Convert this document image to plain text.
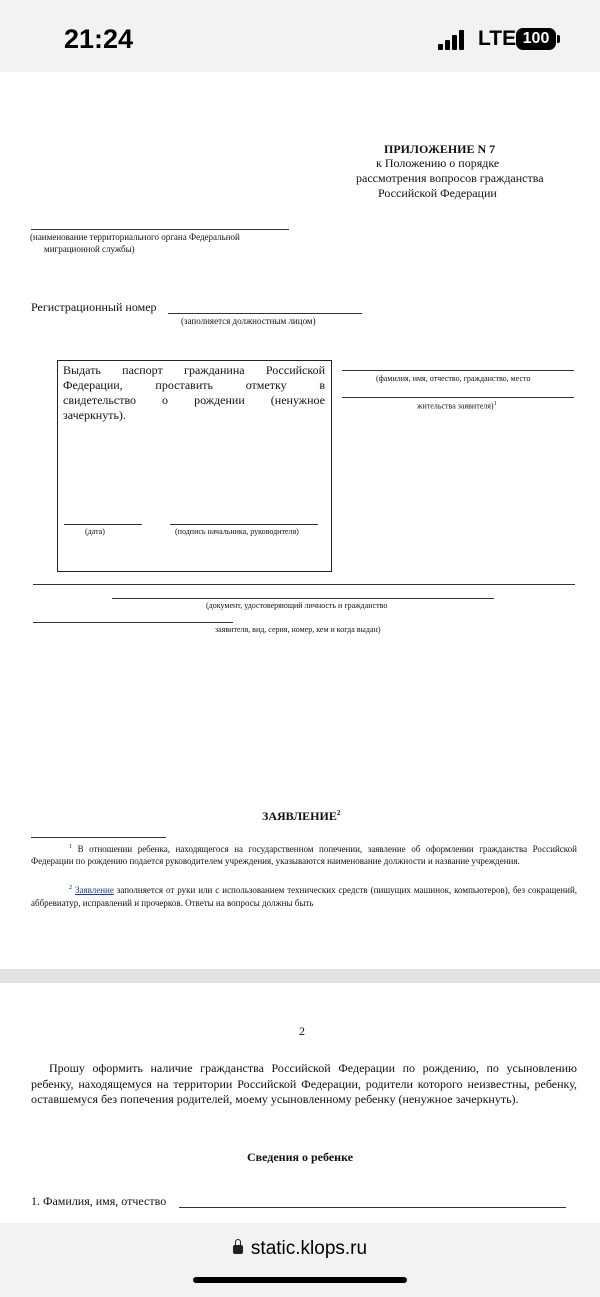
21:24	LTE 100
ПРИЛОЖЕНИЕ N 7
к Положению о порядке
рассмотрения вопросов гражданства
Российской Федерации
(наименование территориального органа Федеральной
миграционной службы)
Регистрационный номер
(заполняется должностным лицом)
Выдать паспорт гражданина Российской
Федерации, проставить отметку в
свидетельство о рождении (ненужное
зачеркнуть).
(дата)	(подпись начальника, руководителя)
(фамилия, имя, отчество, гражданство, место
жительства заявителя)$^1$
(документ, удостоверяющий личность и гражданство
заявителя, вид, серия, номер, кем и когда выдан)
ЗАЯВЛЕНИЕ$^2$
$^1$ В отношении ребенка, находящегося на государственном попечении, заявление об оформлении гражданства Российской Федерации по рождению подается руководителем учреждения, указываются наименование должности и название учреждения.
$^2$ Заявление заполняется от руки или с использованием технических средств (пишущих машинок, компьютеров), без сокращений, аббревиатур, исправлений и прочерков. Ответы на вопросы должны быть
2
Прошу оформить наличие гражданства Российской Федерации по рождению, по усыновлению ребенку, находящемуся на территории Российской Федерации, родители которого неизвестны, ребенку, оставшемуся без попечения родителей, моему усыновленному ребенку (ненужное зачеркнуть).
Сведения о ребенке
1. Фамилия, имя, отчество
static.klops.ru
